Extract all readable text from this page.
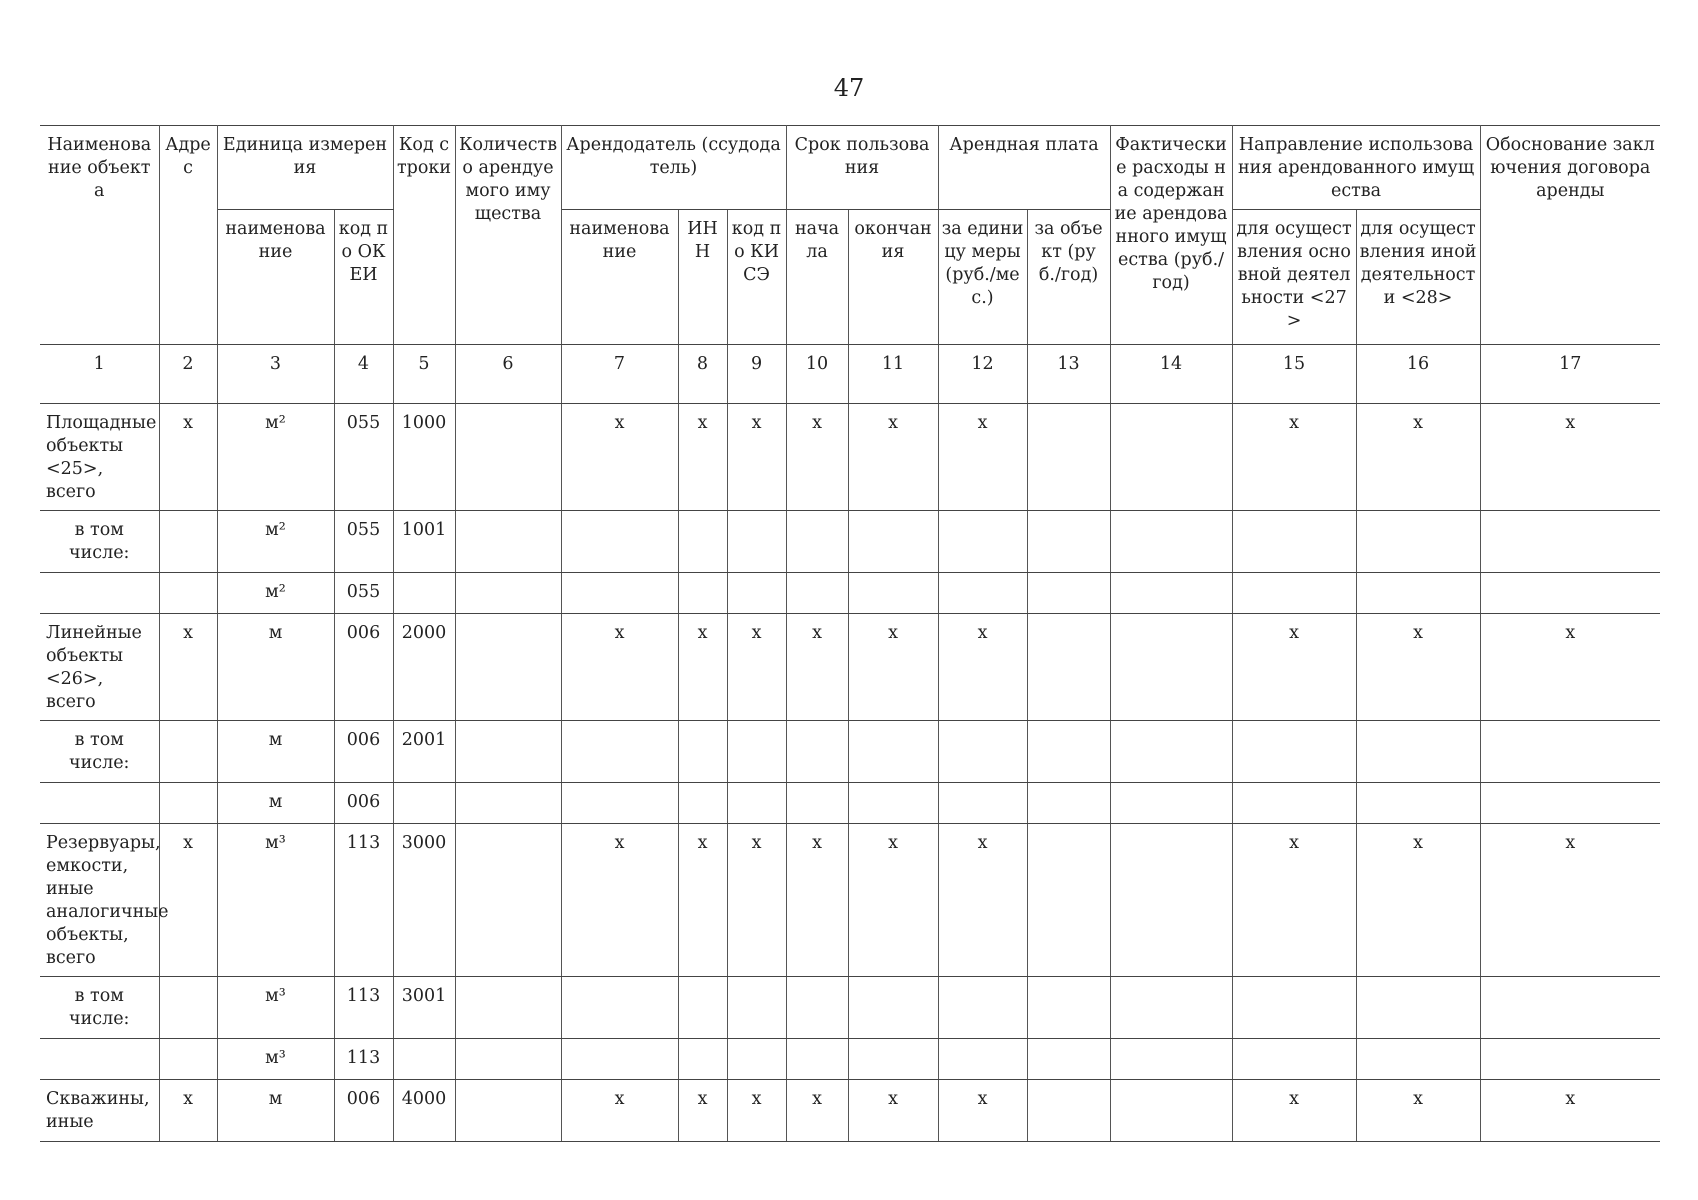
47
Наименование объекта	Адрес	Единица измерения		Код строки	Количество арендуемого имущества	Арендодатель (ссудодатель)			Срок пользования		Арендная плата		Фактические расходы на содержание арендованного имущества (руб./год)	Направление использования арендованного имущества		Обоснование заключения договора аренды
		наименование	код по ОКЕИ			наименование	ИНН	код по КИСЭ	начала	окончания	за единицу меры (руб./мес.)	за объект (руб./год)		для осуществления основной деятельности <27>	для осуществления иной деятельности <28>	
1	2	3	4	5	6	7	8	9	10	11	12	13	14	15	16	17
Площадные объекты <25>, всего	x	м²	055	1000		x	x	x	x	x	x			x	x	x
в том числе:		м²	055	1001												
		м²	055													
Линейные объекты <26>, всего	x	м	006	2000		x	x	x	x	x	x			x	x	x
в том числе:		м	006	2001												
		м	006													
Резервуары, емкости, иные аналогичные объекты, всего	x	м³	113	3000		x	x	x	x	x	x			x	x	x
в том числе:		м³	113	3001												
		м³	113													
Скважины, иные	x	м	006	4000		x	x	x	x	x	x			x	x	x
